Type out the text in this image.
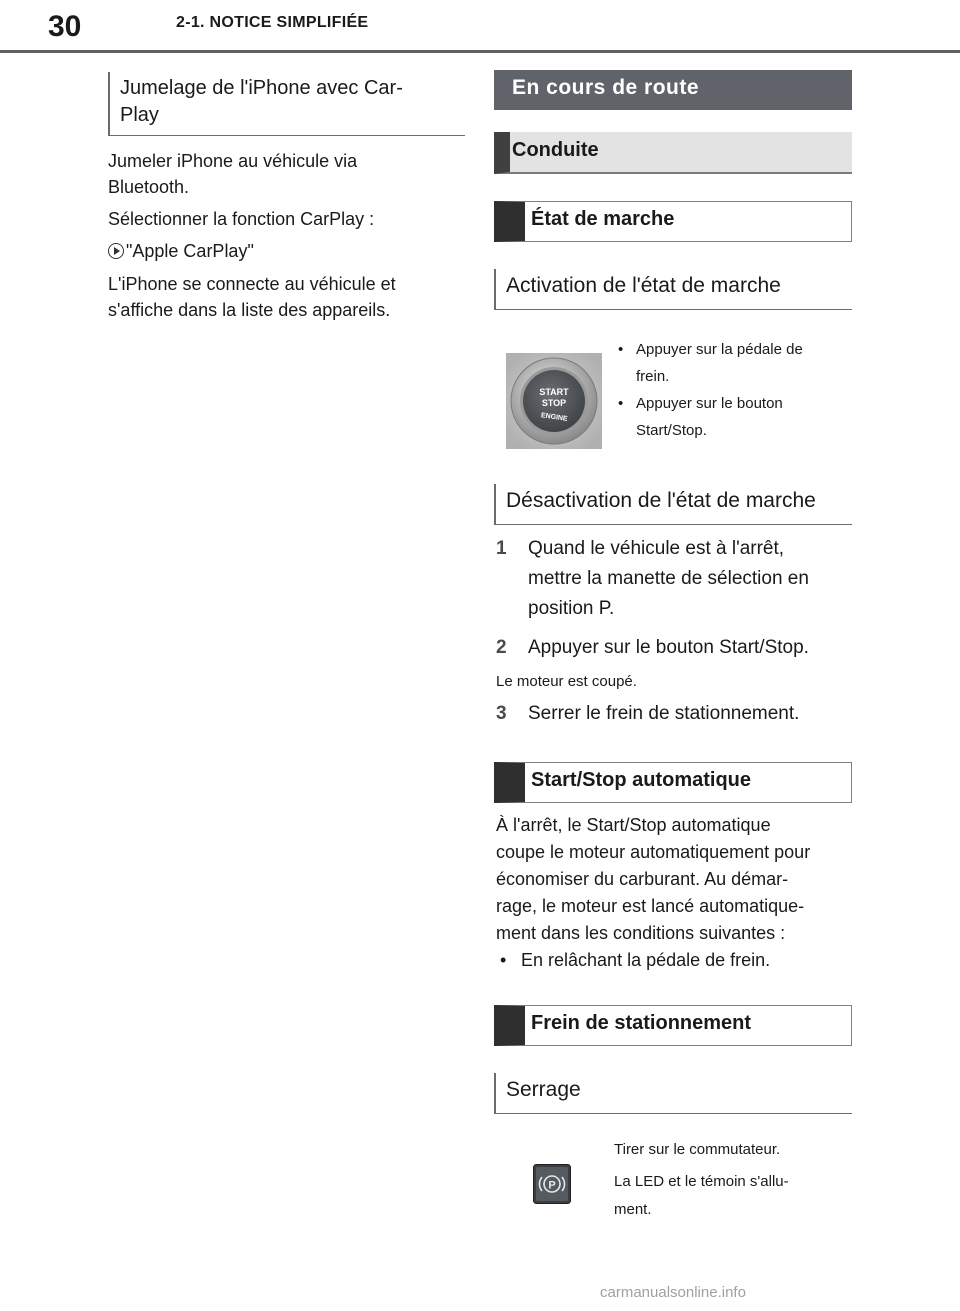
30	2-1. NOTICE SIMPLIFIÉE
Jumelage de l'iPhone avec Car-
Play
Jumeler iPhone au véhicule via
Bluetooth.
Sélectionner la fonction CarPlay :
"Apple CarPlay"
L'iPhone se connecte au véhicule et
s'affiche dans la liste des appareils.
En cours de route
Conduite
État de marche
Activation de l'état de marche
START
STOP
ENGINE
• Appuyer sur la pédale de
frein.
• Appuyer sur le bouton
Start/Stop.
Désactivation de l'état de marche
1 Quand le véhicule est à l'arrêt,
mettre la manette de sélection en
position P.
2	Appuyer sur le bouton Start/Stop.
Le moteur est coupé.
3	Serrer le frein de stationnement.
Start/Stop automatique
À l'arrêt, le Start/Stop automatique
coupe le moteur automatiquement pour
économiser du carburant. Au démar-
rage, le moteur est lancé automatique-
ment dans les conditions suivantes :
• En relâchant la pédale de frein.
Frein de stationnement
Serrage
P
Tirer sur le commutateur.
La LED et le témoin s'allu-
ment.
carmanualsonline.info
